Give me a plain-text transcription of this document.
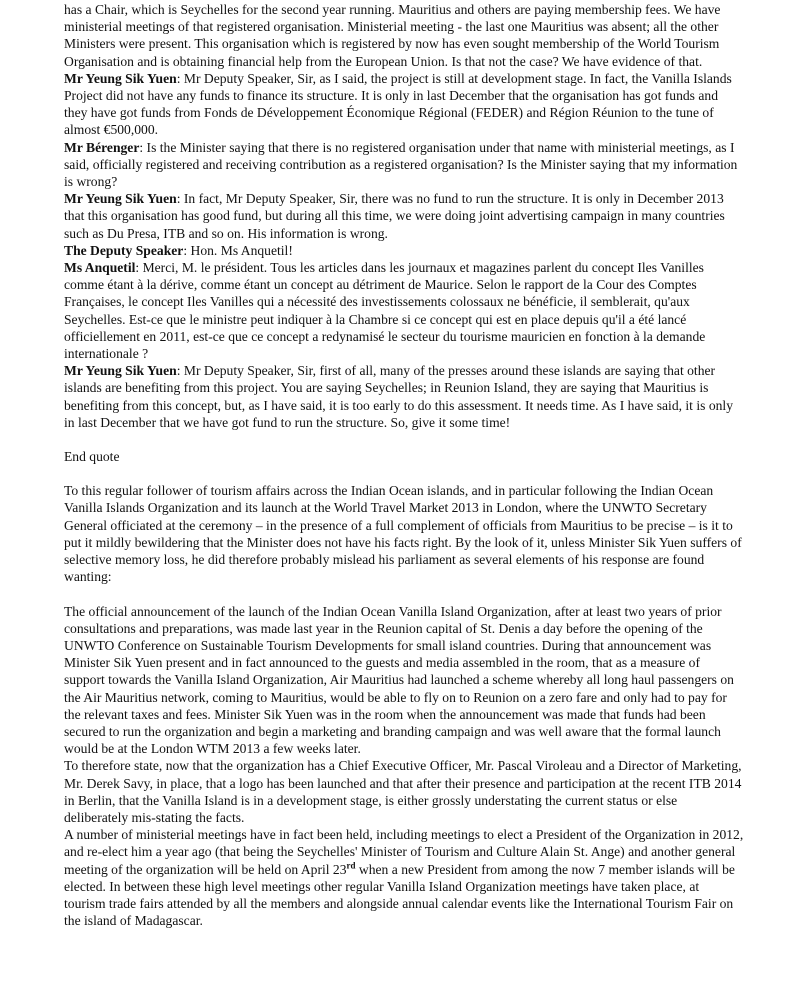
has a Chair, which is Seychelles for the second year running. Mauritius and others are paying membership fees. We have ministerial meetings of that registered organisation. Ministerial meeting - the last one Mauritius was absent; all the other Ministers were present. This organisation which is registered by now has even sought membership of the World Tourism Organisation and is obtaining financial help from the European Union. Is that not the case? We have evidence of that.

Mr Yeung Sik Yuen: Mr Deputy Speaker, Sir, as I said, the project is still at development stage. In fact, the Vanilla Islands Project did not have any funds to finance its structure. It is only in last December that the organisation has got funds and they have got funds from Fonds de Développement Économique Régional (FEDER) and Région Réunion to the tune of almost €500,000.

Mr Bérenger: Is the Minister saying that there is no registered organisation under that name with ministerial meetings, as I said, officially registered and receiving contribution as a registered organisation? Is the Minister saying that my information is wrong?

Mr Yeung Sik Yuen: In fact, Mr Deputy Speaker, Sir, there was no fund to run the structure. It is only in December 2013 that this organisation has good fund, but during all this time, we were doing joint advertising campaign in many countries such as Du Presa, ITB and so on. His information is wrong.

The Deputy Speaker: Hon. Ms Anquetil!

Ms Anquetil: Merci, M. le président. Tous les articles dans les journaux et magazines parlent du concept Iles Vanilles comme étant à la dérive, comme étant un concept au détriment de Maurice. Selon le rapport de la Cour des Comptes Françaises, le concept Iles Vanilles qui a nécessité des investissements colossaux ne bénéficie, il semblerait, qu'aux Seychelles. Est-ce que le ministre peut indiquer à la Chambre si ce concept qui est en place depuis qu'il a été lancé officiellement en 2011, est-ce que ce concept a redynamisé le secteur du tourisme mauricien en fonction à la demande internationale ?

Mr Yeung Sik Yuen: Mr Deputy Speaker, Sir, first of all, many of the presses around these islands are saying that other islands are benefiting from this project. You are saying Seychelles; in Reunion Island, they are saying that Mauritius is benefiting from this concept, but, as I have said, it is too early to do this assessment. It needs time. As I have said, it is only in last December that we have got fund to run the structure. So, give it some time!

End quote

To this regular follower of tourism affairs across the Indian Ocean islands, and in particular following the Indian Ocean Vanilla Islands Organization and its launch at the World Travel Market 2013 in London, where the UNWTO Secretary General officiated at the ceremony – in the presence of a full complement of officials from Mauritius to be precise – is it to put it mildly bewildering that the Minister does not have his facts right. By the look of it, unless Minister Sik Yuen suffers of selective memory loss, he did therefore probably mislead his parliament as several elements of his response are found wanting:

The official announcement of the launch of the Indian Ocean Vanilla Island Organization, after at least two years of prior consultations and preparations, was made last year in the Reunion capital of St. Denis a day before the opening of the UNWTO Conference on Sustainable Tourism Developments for small island countries. During that announcement was Minister Sik Yuen present and in fact announced to the guests and media assembled in the room, that as a measure of support towards the Vanilla Island Organization, Air Mauritius had launched a scheme whereby all long haul passengers on the Air Mauritius network, coming to Mauritius, would be able to fly on to Reunion on a zero fare and only had to pay for the relevant taxes and fees. Minister Sik Yuen was in the room when the announcement was made that funds had been secured to run the organization and begin a marketing and branding campaign and was well aware that the formal launch would be at the London WTM 2013 a few weeks later.

To therefore state, now that the organization has a Chief Executive Officer, Mr. Pascal Viroleau and a Director of Marketing, Mr. Derek Savy, in place, that a logo has been launched and that after their presence and participation at the recent ITB 2014 in Berlin, that the Vanilla Island is in a development stage, is either grossly understating the current status or else deliberately mis-stating the facts.

A number of ministerial meetings have in fact been held, including meetings to elect a President of the Organization in 2012, and re-elect him a year ago (that being the Seychelles' Minister of Tourism and Culture Alain St. Ange) and another general meeting of the organization will be held on April 23rd when a new President from among the now 7 member islands will be elected. In between these high level meetings other regular Vanilla Island Organization meetings have taken place, at tourism trade fairs attended by all the members and alongside annual calendar events like the International Tourism Fair on the island of Madagascar.
